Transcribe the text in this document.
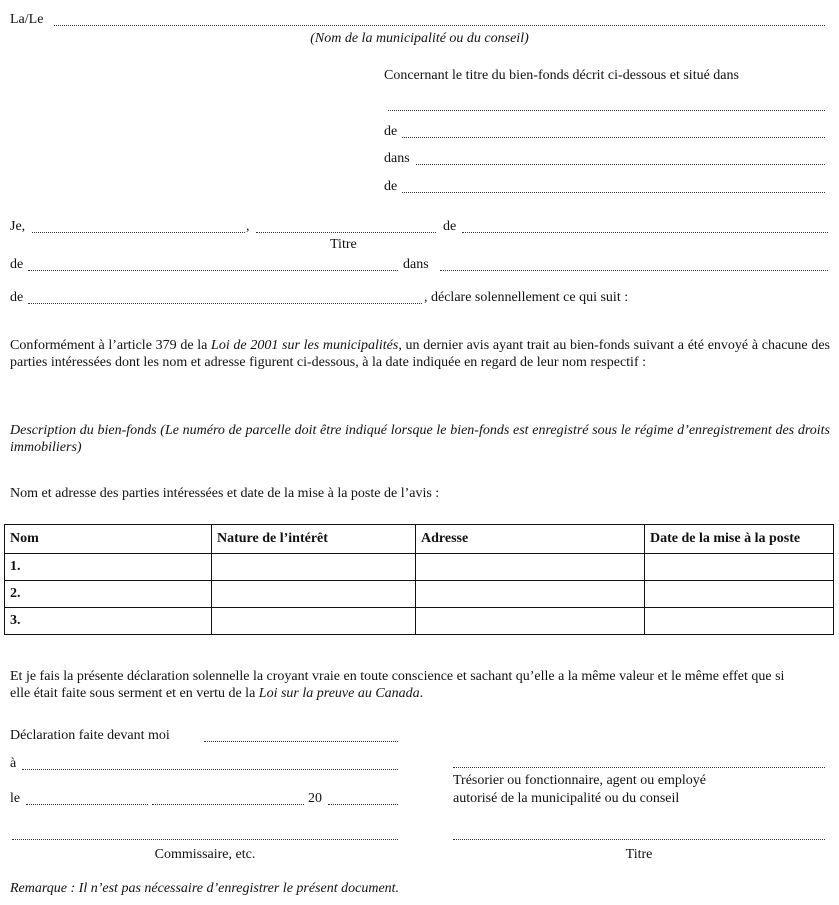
La/Le
(Nom de la municipalité ou du conseil)
Concernant le titre du bien-fonds décrit ci-dessous et situé dans
de
dans
de
Je,	,	de
Titre
de	dans
de	, déclare solennellement ce qui suit :
Conformément à l’article 379 de la Loi de 2001 sur les municipalités, un dernier avis ayant trait au bien-fonds suivant a été envoyé à chacune des parties intéressées dont les nom et adresse figurent ci-dessous, à la date indiquée en regard de leur nom respectif :
Description du bien-fonds (Le numéro de parcelle doit être indiqué lorsque le bien-fonds est enregistré sous le régime d’enregistrement des droits immobiliers)
Nom et adresse des parties intéressées et date de la mise à la poste de l’avis :
Nom	Nature de l’intérêt	Adresse	Date de la mise à la poste
1.			
2.			
3.			
Et je fais la présente déclaration solennelle la croyant vraie en toute conscience et sachant qu’elle a la même valeur et le même effet que si elle était faite sous serment et en vertu de la Loi sur la preuve au Canada.
Déclaration faite devant moi
à
le	20
Commissaire, etc.
Trésorier ou fonctionnaire, agent ou employé
autorisé de la municipalité ou du conseil
Titre
Remarque : Il n’est pas nécessaire d’enregistrer le présent document.
